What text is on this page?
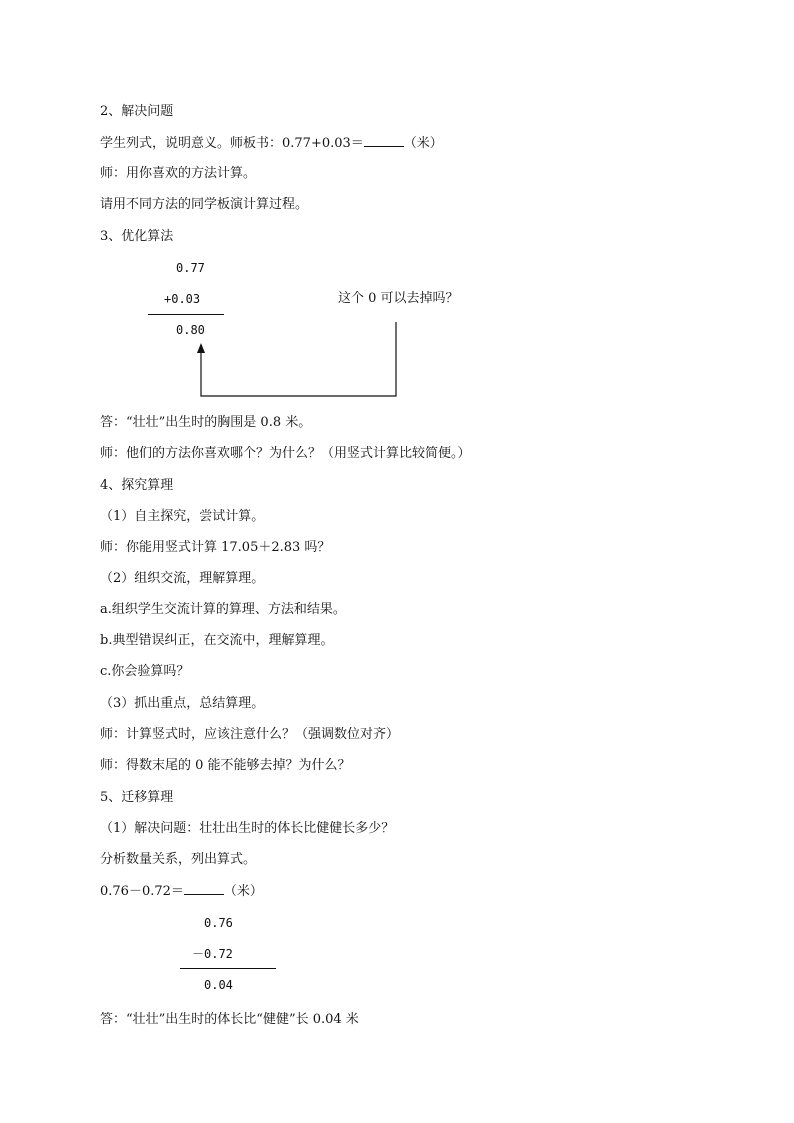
2、解决问题
学生列式，说明意义。师板书：0.77+0.03＝	（米）
师：用你喜欢的方法计算。
请用不同方法的同学板演计算过程。
3、优化算法
0.77
+0.03
0.80
这个 0 可以去掉吗？
答：“壮壮”出生时的胸围是 0.8 米。
师：他们的方法你喜欢哪个？为什么？（用竖式计算比较简便。）
4、探究算理
（1）自主探究，尝试计算。
师：你能用竖式计算 17.05＋2.83 吗？
（2）组织交流，理解算理。
a.组织学生交流计算的算理、方法和结果。
b.典型错误纠正，在交流中，理解算理。
c.你会验算吗？
（3）抓出重点，总结算理。
师：计算竖式时，应该注意什么？（强调数位对齐）
师：得数末尾的 0 能不能够去掉？为什么？
5、迁移算理
（1）解决问题：壮壮出生时的体长比健健长多少？
分析数量关系，列出算式。
0.76－0.72＝	（米）
0.76
－0.72
0.04
答：“壮壮”出生时的体长比“健健”长 0.04 米
